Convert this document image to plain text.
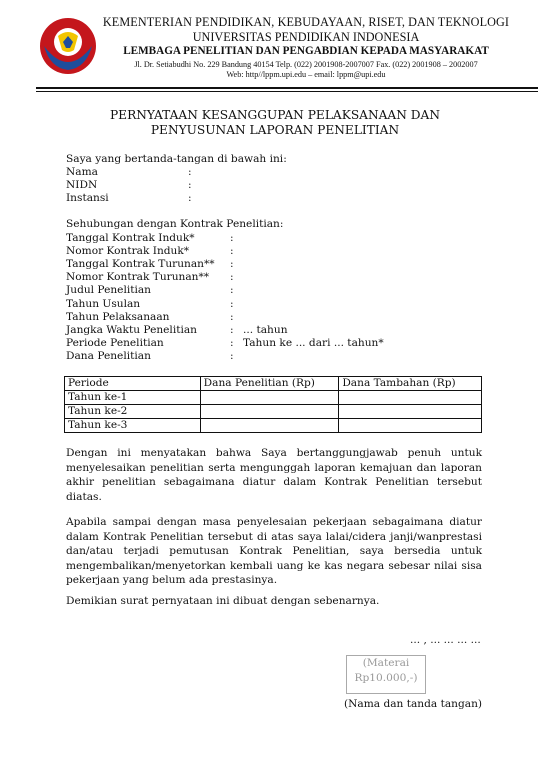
KEMENTERIAN PENDIDIKAN, KEBUDAYAAN, RISET, DAN TEKNOLOGI
UNIVERSITAS PENDIDIKAN INDONESIA
LEMBAGA PENELITIAN DAN PENGABDIAN KEPADA MASYARAKAT
Jl. Dr. Setiabudhi No. 229 Bandung 40154 Telp. (022) 2001908-2007007 Fax. (022) 2001908 – 2002007
Web: http//lppm.upi.edu – email: lppm@upi.edu
PERNYATAAN KESANGGUPAN PELAKSANAAN DAN
PENYUSUNAN LAPORAN PENELITIAN
Saya yang bertanda-tangan di bawah ini:
Nama	:
NIDN	:
Instansi	:
Sehubungan dengan Kontrak Penelitian:
Tanggal Kontrak Induk*	:
Nomor Kontrak Induk*	:
Tanggal Kontrak Turunan** :
Nomor Kontrak Turunan** :
Judul Penelitian	:
Tahun Usulan	:
Tahun Pelaksanaan	:
Jangka Waktu Penelitian	: ... tahun
Periode Penelitian	: Tahun ke ... dari ... tahun*
Dana Penelitian	:
Periode	Dana Penelitian (Rp)	Dana Tambahan (Rp)
Tahun ke-1		
Tahun ke-2		
Tahun ke-3		
Dengan ini menyatakan bahwa Saya bertanggungjawab penuh untuk menyelesaikan penelitian serta mengunggah laporan kemajuan dan laporan akhir penelitian sebagaimana diatur dalam Kontrak Penelitian tersebut diatas.
Apabila sampai dengan masa penyelesaian pekerjaan sebagaimana diatur dalam Kontrak Penelitian tersebut di atas saya lalai/cidera janji/wanprestasi dan/atau terjadi pemutusan Kontrak Penelitian, saya bersedia untuk mengembalikan/menyetorkan kembali uang ke kas negara sebesar nilai sisa pekerjaan yang belum ada prestasinya.
Demikian surat pernyataan ini dibuat dengan sebenarnya.
... , ... ... ... ...
(Materai
Rp10.000,-)
(Nama dan tanda tangan)
